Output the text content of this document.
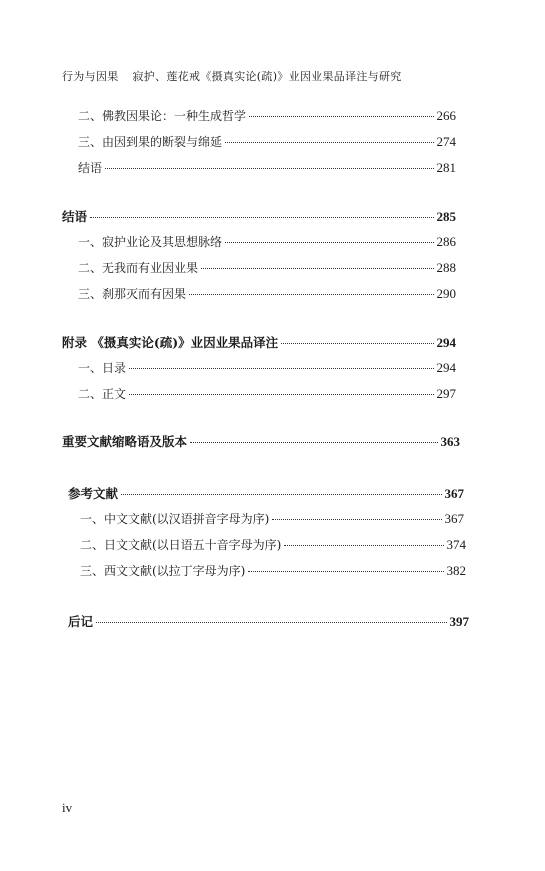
行为与因果 寂护、莲花戒《摄真实论(疏)》业因业果品译注与研究
二、佛教因果论：一种生成哲学	266
三、由因到果的断裂与绵延	274
结语	281
结语	285
一、寂护业论及其思想脉络	286
二、无我而有业因业果	288
三、刹那灭而有因果	290
附录 《摄真实论(疏)》业因业果品译注	294
一、日录	294
二、正文	297
重要文献缩略语及版本	363
参考文献	367
一、中文文献(以汉语拼音字母为序)	367
二、日文文献(以日语五十音字母为序)	374
三、西文文献(以拉丁字母为序)	382
后记	397
iv
